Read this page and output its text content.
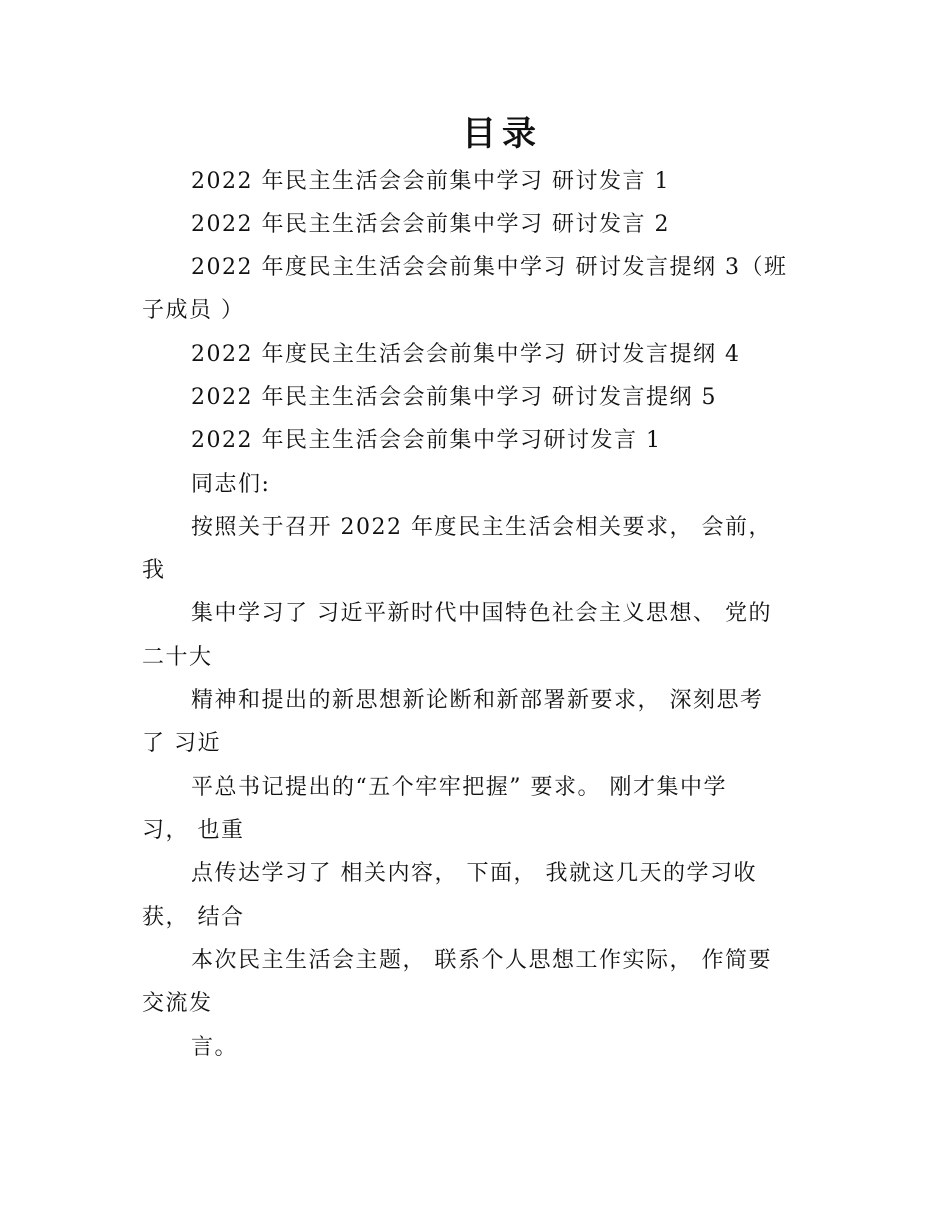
目录
2022 年民主生活会会前集中学习 研讨发言 1
2022 年民主生活会会前集中学习 研讨发言 2
2022 年度民主生活会会前集中学习 研讨发言提纲 3（班
子成员 ）
2022 年度民主生活会会前集中学习 研讨发言提纲 4
2022 年民主生活会会前集中学习 研讨发言提纲 5
2022 年民主生活会会前集中学习研讨发言 1
同志们:
按照关于召开 2022 年度民主生活会相关要求， 会前，
我
集中学习了 习近平新时代中国特色社会主义思想、 党的
二十大
精神和提出的新思想新论断和新部署新要求， 深刻思考
了 习近
平总书记提出的“五个牢牢把握” 要求。 刚才集中学
习， 也重
点传达学习了 相关内容， 下面， 我就这几天的学习收
获， 结合
本次民主生活会主题， 联系个人思想工作实际， 作简要
交流发
言。
